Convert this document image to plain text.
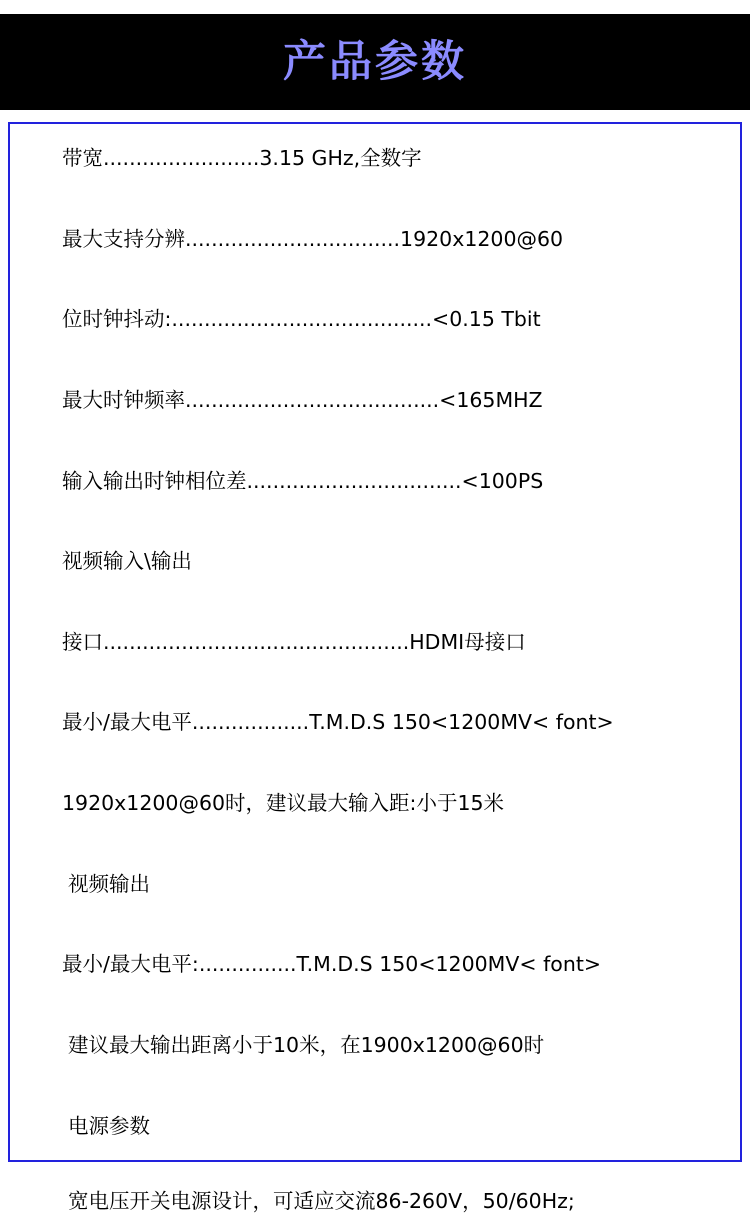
产品参数
带宽........................3.15 GHz,全数字
最大支持分辨.................................1920x1200@60
位时钟抖动:........................................<0.15 Tbit
最大时钟频率.......................................<165MHZ
输入输出时钟相位差.................................<100PS
视频输入\输出
接口...............................................HDMI母接口
最小/最大电平..................T.M.D.S 150<1200MV< font>
1920x1200@60时，建议最大输入距:小于15米
视频输出
最小/最大电平:...............T.M.D.S 150<1200MV< font>
建议最大输出距离小于10米，在1900x1200@60时
电源参数
宽电压开关电源设计，可适应交流86-260V，50/60Hz;
